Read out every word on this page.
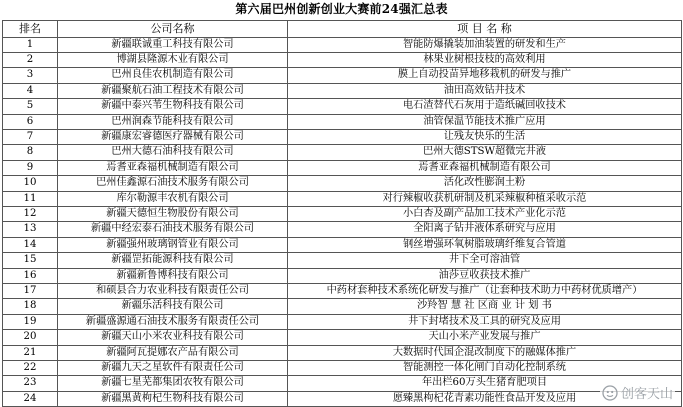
第六届巴州创新创业大赛前24强汇总表
排名	公司名称	项 目 名 称
1	新疆联诚重工科技有限公司	智能防爆撬装加油装置的研发和生产
2	博湖县隆源木业有限公司	林果业树根技枝的高效利用
3	巴州良佳农机制造有限公司	膜上自动投苗异地移栽机的研发与推广
4	新疆聚航石油工程技术有限公司	油田高效钻井技术
5	新疆中泰兴苇生物科技有限公司	电石渣替代石灰用于造纸碱回收技术
6	巴州润森节能科技有限公司	油管保温节能技术推广应用
7	新疆康宏睿德医疗器械有限公司	让残友快乐的生活
8	巴州大德石油科技有限公司	巴州大德STSW超微完井液
9	焉耆亚森福机械制造有限公司	焉耆亚森福机械制造有限公司
10	巴州佳鑫源石油技术服务有限公司	活化改性膨润土粉
11	库尔勒源丰农机有限公司	对行辣椒收获机研制及机采辣椒种植采收示范
12	新疆天德恒生物股份有限公司	小白杏及副产品加工技术产业化示范
13	新疆中经宏泰石油技术服务有限公司	全阳离子钻井液体系研究与应用
14	新疆强州玻璃钢管业有限公司	钢丝增强环氧树脂玻璃纤维复合管道
15	新疆罡拓能源科技有限公司	井下全可溶油管
16	新疆新鲁博科技有限公司	油莎豆收获技术推广
17	和硕县合力农业科技有限责任公司	中药材套种技术系统化研发与推广（让套种技术助力中药材优质增产）
18	新疆乐活科技有限公司	沙羚智 慧 社 区商 业 计 划 书
19	新疆盛源通石油技术服务有限责任公司	井下封堵技术及工具的研究及应用
20	新疆天山小米农业科技有限公司	天山小米产业发展与推广
21	新疆阿瓦提娜农产品有限公司	大数据时代国企混改制度下的融媒体推广
22	新疆九天之星软件有限责任公司	智能测控一体化闸门自动化控制系统
23	新疆七星芜都集团农牧有限公司	年出栏60万头生猪育肥项目
24	新疆黑黄枸杞生物科技有限公司	愿臻黑枸杞花青素功能性食品开发及应用	创客天山
